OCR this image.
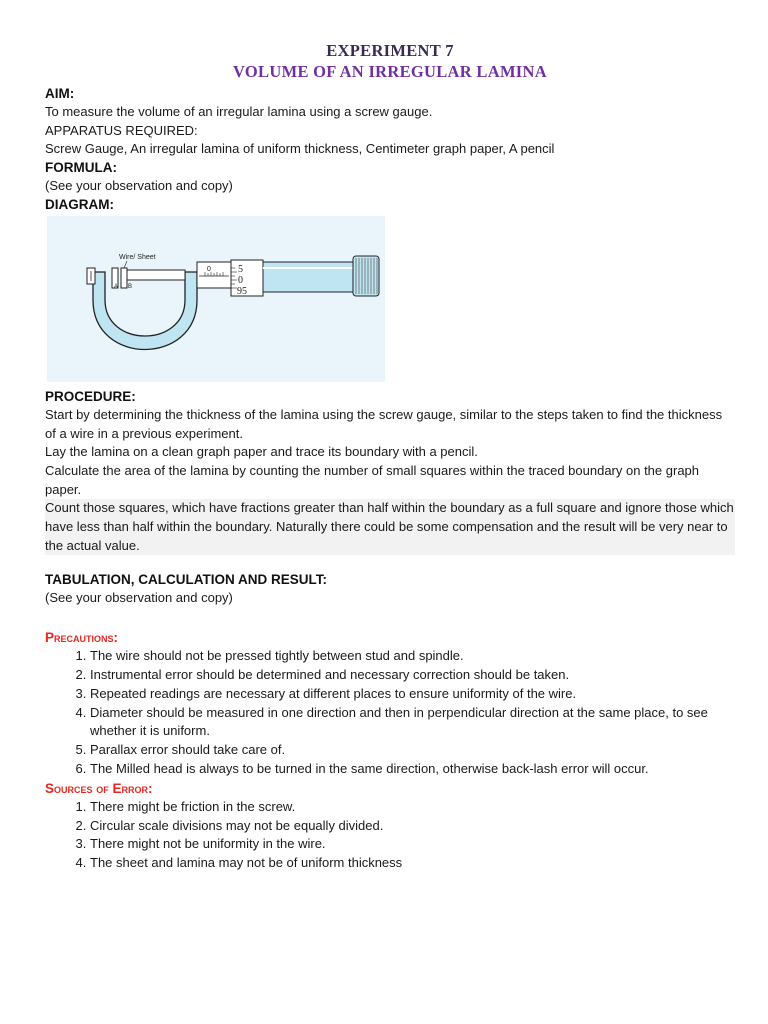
EXPERIMENT 7
VOLUME OF AN IRREGULAR LAMINA
AIM:

To measure the volume of an irregular lamina using a screw gauge.

APPARATUS REQUIRED:

Screw Gauge, An irregular lamina of uniform thickness, Centimeter graph paper, A pencil

FORMULA:

(See your observation and copy)

DIAGRAM:
Wire/ Sheet
A B
0	5
0
95
PROCEDURE:

Start by determining the thickness of the lamina using the screw gauge, similar to the steps taken to find the thickness of a wire in a previous experiment.

Lay the lamina on a clean graph paper and trace its boundary with a pencil.

Calculate the area of the lamina by counting the number of small squares within the traced boundary on the graph paper.

Count those squares, which have fractions greater than half within the boundary as a full square and ignore those which have less than half within the boundary. Naturally there could be some compensation and the result will be very near to the actual value.

TABULATION, CALCULATION AND RESULT:

(See your observation and copy)

Precautions:
1. The wire should not be pressed tightly between stud and spindle.
2. Instrumental error should be determined and necessary correction should be taken.
3. Repeated readings are necessary at different places to ensure uniformity of the wire.
4. Diameter should be measured in one direction and then in perpendicular direction at the same place, to see whether it is uniform.
5. Parallax error should take care of.
6. The Milled head is always to be turned in the same direction, otherwise back-lash error will occur.
Sources of Error:
1. There might be friction in the screw.
2. Circular scale divisions may not be equally divided.
3. There might not be uniformity in the wire.
4. The sheet and lamina may not be of uniform thickness
